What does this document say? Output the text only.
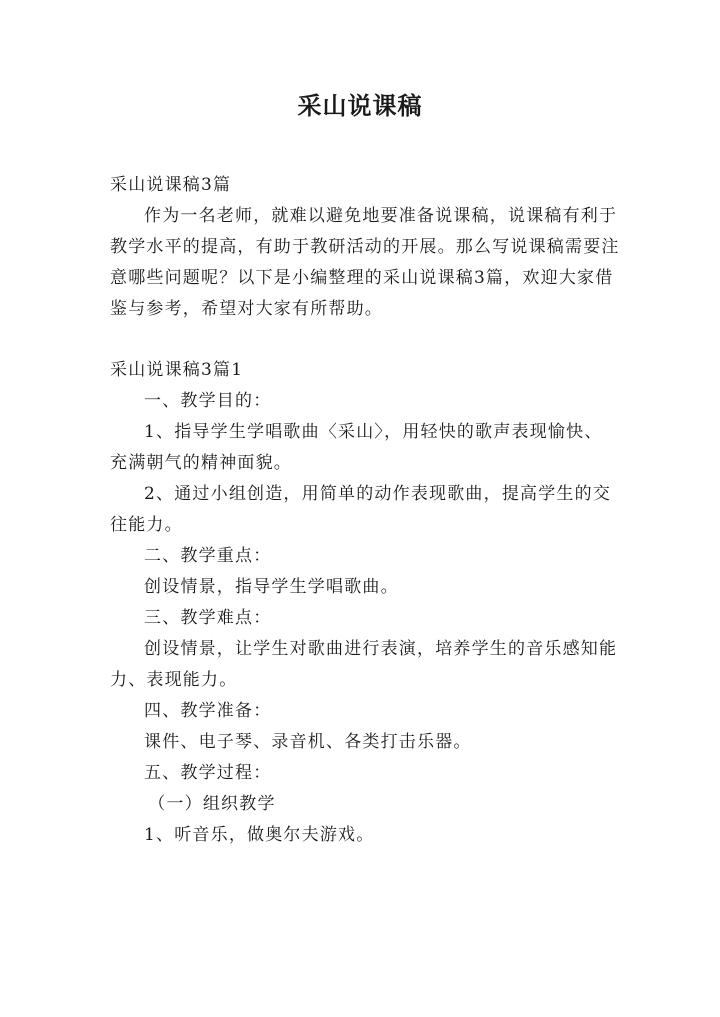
采山说课稿

采山说课稿3篇

作为一名老师，就难以避免地要准备说课稿，说课稿有利于教学水平的提高，有助于教研活动的开展。那么写说课稿需要注意哪些问题呢？以下是小编整理的采山说课稿3篇，欢迎大家借鉴与参考，希望对大家有所帮助。

采山说课稿3篇1

一、教学目的：

1、指导学生学唱歌曲〈采山〉，用轻快的歌声表现愉快、充满朝气的精神面貌。

2、通过小组创造，用简单的动作表现歌曲，提高学生的交往能力。

二、教学重点：

创设情景，指导学生学唱歌曲。

三、教学难点：

创设情景，让学生对歌曲进行表演，培养学生的音乐感知能力、表现能力。

四、教学准备：

课件、电子琴、录音机、各类打击乐器。

五、教学过程：

（一）组织教学

1、听音乐，做奥尔夫游戏。
